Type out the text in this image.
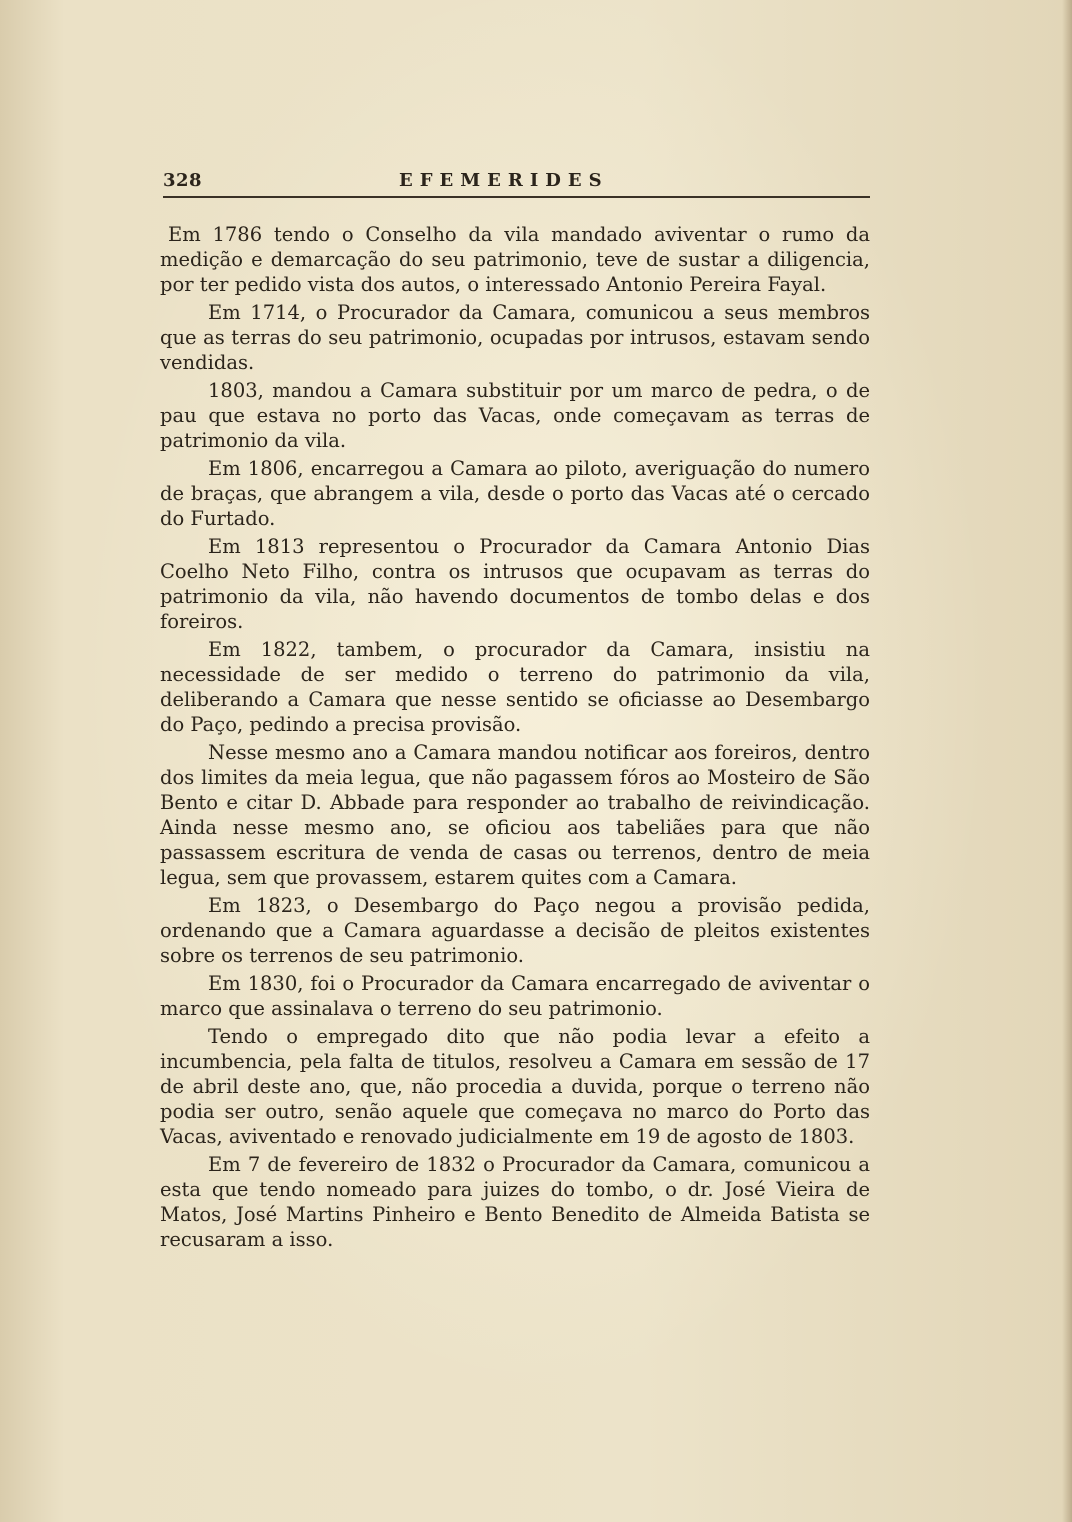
328	EFEMERIDES

Em 1786 tendo o Conselho da vila mandado aviventar o rumo da medição e demarcação do seu patrimonio, teve de sustar a diligencia, por ter pedido vista dos autos, o interessado Antonio Pereira Fayal.

Em 1714, o Procurador da Camara, comunicou a seus membros que as terras do seu patrimonio, ocupadas por intrusos, estavam sendo vendidas.

1803, mandou a Camara substituir por um marco de pedra, o de pau que estava no porto das Vacas, onde começavam as terras de patrimonio da vila.

Em 1806, encarregou a Camara ao piloto, averiguação do numero de braças, que abrangem a vila, desde o porto das Vacas até o cercado do Furtado.

Em 1813 representou o Procurador da Camara Antonio Dias Coelho Neto Filho, contra os intrusos que ocupavam as terras do patrimonio da vila, não havendo documentos de tombo delas e dos foreiros.

Em 1822, tambem, o procurador da Camara, insistiu na necessidade de ser medido o terreno do patrimonio da vila, deliberando a Camara que nesse sentido se oficiasse ao Desembargo do Paço, pedindo a precisa provisão.

Nesse mesmo ano a Camara mandou notificar aos foreiros, dentro dos limites da meia legua, que não pagassem fóros ao Mosteiro de São Bento e citar D. Abbade para responder ao trabalho de reivindicação. Ainda nesse mesmo ano, se oficiou aos tabeliães para que não passassem escritura de venda de casas ou terrenos, dentro de meia legua, sem que provassem, estarem quites com a Camara.

Em 1823, o Desembargo do Paço negou a provisão pedida, ordenando que a Camara aguardasse a decisão de pleitos existentes sobre os terrenos de seu patrimonio.

Em 1830, foi o Procurador da Camara encarregado de aviventar o marco que assinalava o terreno do seu patrimonio.

Tendo o empregado dito que não podia levar a efeito a incumbencia, pela falta de titulos, resolveu a Camara em sessão de 17 de abril deste ano, que, não procedia a duvida, porque o terreno não podia ser outro, senão aquele que começava no marco do Porto das Vacas, aviventado e renovado judicialmente em 19 de agosto de 1803.

Em 7 de fevereiro de 1832 o Procurador da Camara, comunicou a esta que tendo nomeado para juizes do tombo, o dr. José Vieira de Matos, José Martins Pinheiro e Bento Benedito de Almeida Batista se recusaram a isso.
